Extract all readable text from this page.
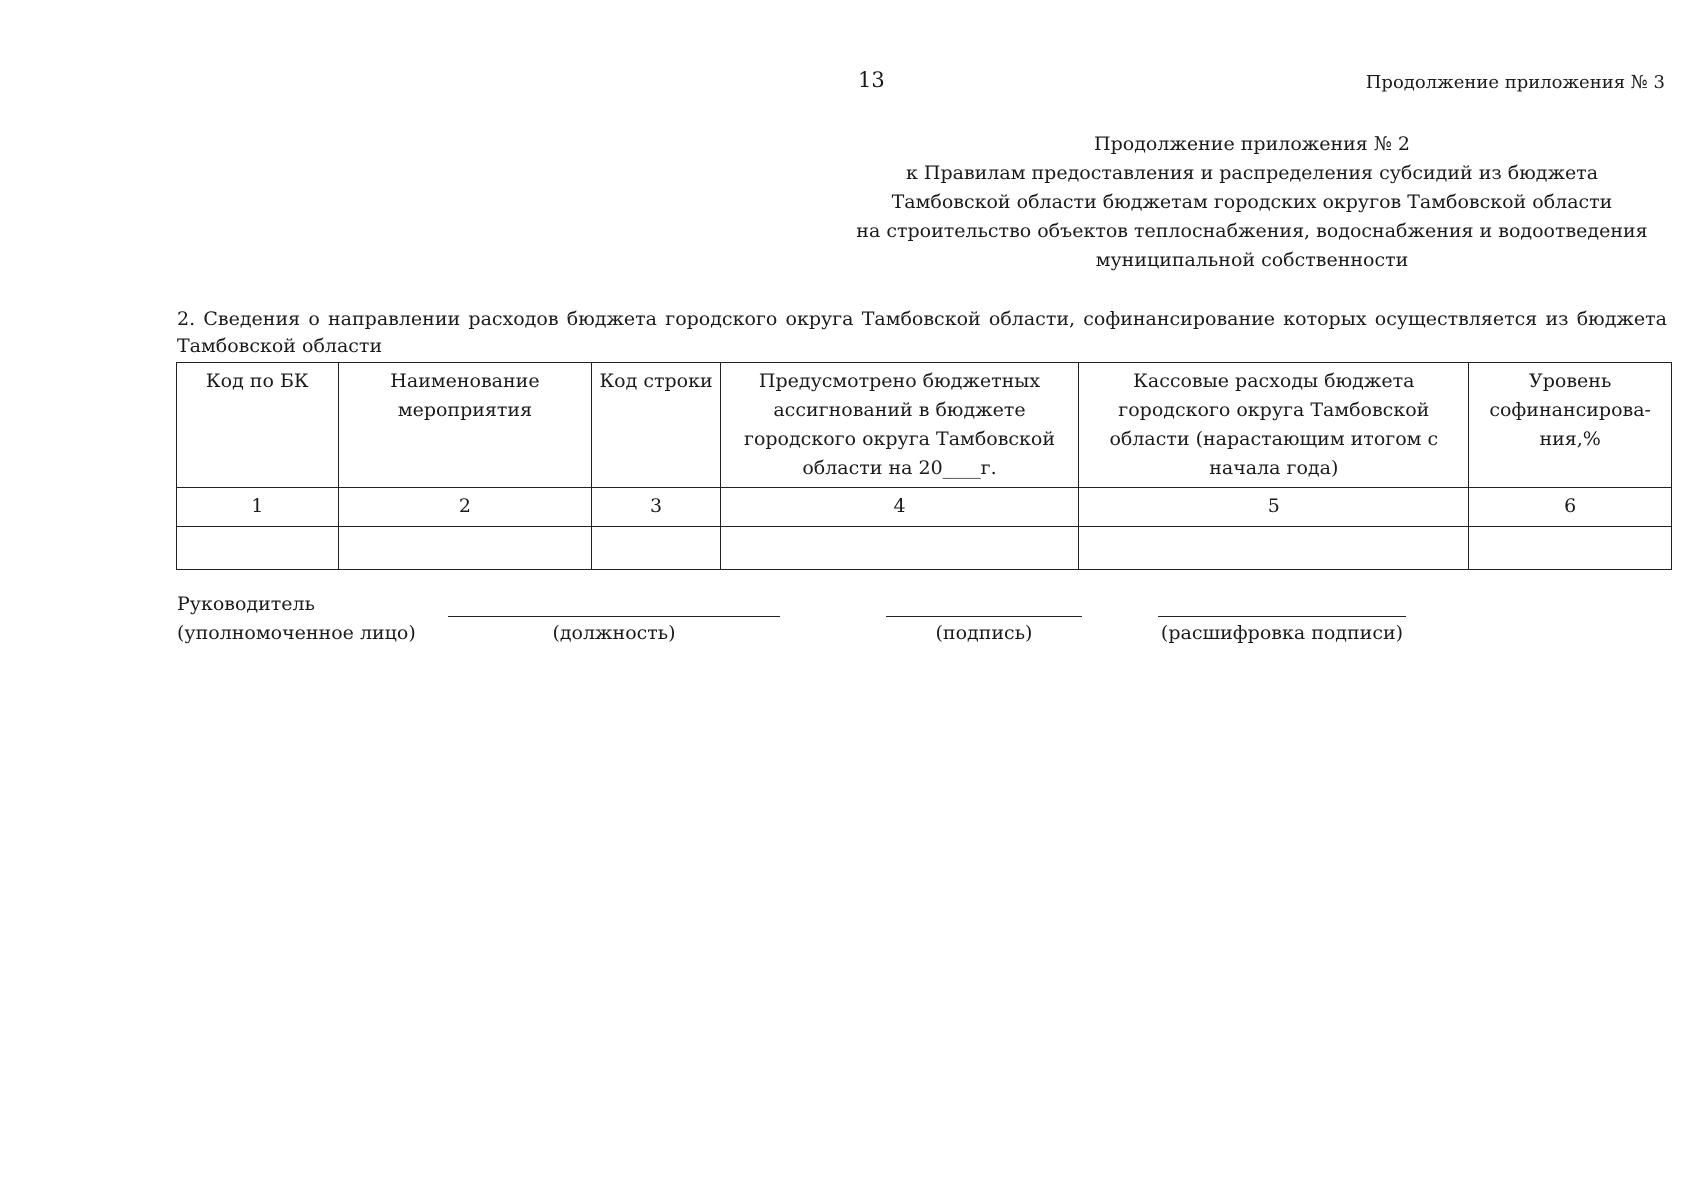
13	Продолжение приложения № 3
Продолжение приложения № 2
к Правилам предоставления и распределения субсидий из бюджета
Тамбовской области бюджетам городских округов Тамбовской области
на строительство объектов теплоснабжения, водоснабжения и водоотведения
муниципальной собственности
2. Сведения о направлении расходов бюджета городского округа Тамбовской области, софинансирование которых осуществляется из бюджета Тамбовской области
Код по БК	Наименование мероприятия	Код строки	Предусмотрено бюджетных ассигнований в бюджете городского округа Тамбовской области на 20____г.	Кассовые расходы бюджета городского округа Тамбовской области (нарастающим итогом с начала года)	Уровень софинансирова-ния,%
1	2	3	4	5	6

Руководитель
(уполномоченное лицо)	(должность)	(подпись)	(расшифровка подписи)
